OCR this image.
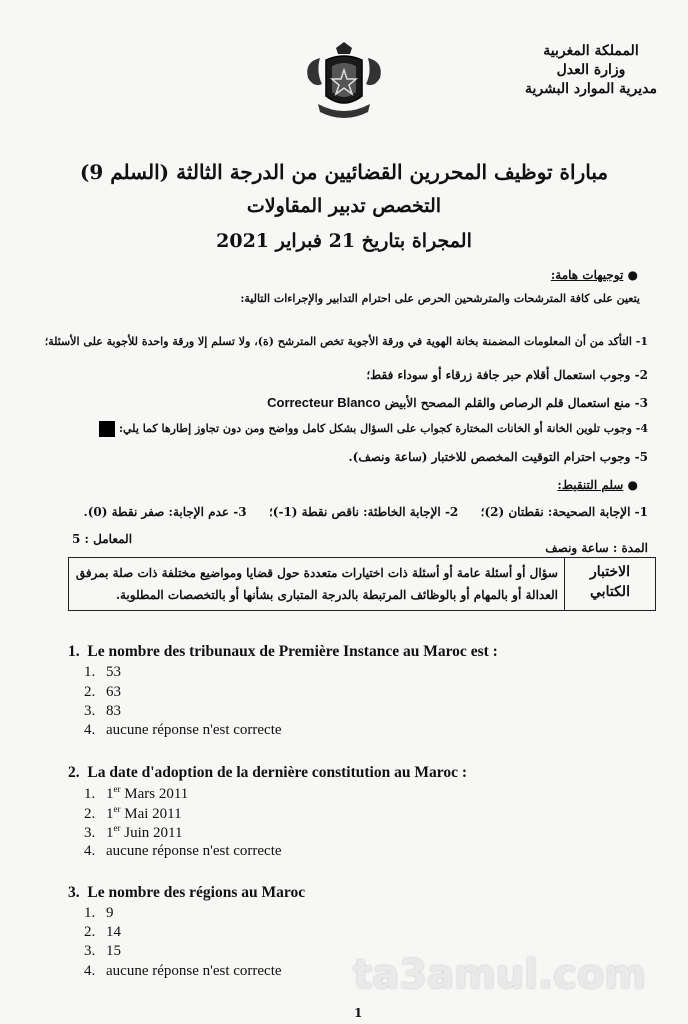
المملكة المغربية
وزارة العدل
مديرية الموارد البشرية
مباراة توظيف المحررين القضائيين من الدرجة الثالثة (السلم 9)
التخصص تدبير المقاولات
المجراة بتاريخ 21 فبراير 2021
● توجيهات هامة:
يتعين على كافة المترشحات والمترشحين الحرص على احترام التدابير والإجراءات التالية:
1- التأكد من أن المعلومات المضمنة بخانة الهوية في ورقة الأجوبة تخص المترشح (ة)، ولا تسلم إلا ورقة واحدة للأجوبة على الأسئلة؛
2- وجوب استعمال أقلام حبر جافة زرقاء أو سوداء فقط؛
3- منع استعمال قلم الرصاص والقلم المصحح الأبيض Correcteur Blanco
4- وجوب تلوين الخانة أو الخانات المختارة كجواب على السؤال بشكل كامل وواضح ومن دون تجاوز إطارها كما يلي:
5- وجوب احترام التوقيت المخصص للاختبار (ساعة ونصف).
● سلم التنقيط:
1- الإجابة الصحيحة: نقطتان (2)؛  2- الإجابة الخاطئة: ناقص نقطة (1-)؛  3- عدم الإجابة: صفر نقطة (0).
المعامل : 5
المدة : ساعة ونصف
الاختبار الكتابي	
سؤال أو أسئلة عامة أو أسئلة ذات اختيارات متعددة حول قضايا ومواضيع مختلفة ذات صلة بمرفق
العدالة أو بالمهام أو بالوظائف المرتبطة بالدرجة المتبارى بشأنها أو بالتخصصات المطلوبة.
1. Le nombre des tribunaux de Première Instance au Maroc est :
1. 53
2. 63
3. 83
4. aucune réponse n'est correcte
2. La date d'adoption de la dernière constitution au Maroc :
1. 1er Mars 2011
2. 1er Mai 2011
3. 1er Juin 2011
4. aucune réponse n'est correcte
3. Le nombre des régions au Maroc
1. 9
2. 14
3. 15
4. aucune réponse n'est correcte ta3amul.com
1
